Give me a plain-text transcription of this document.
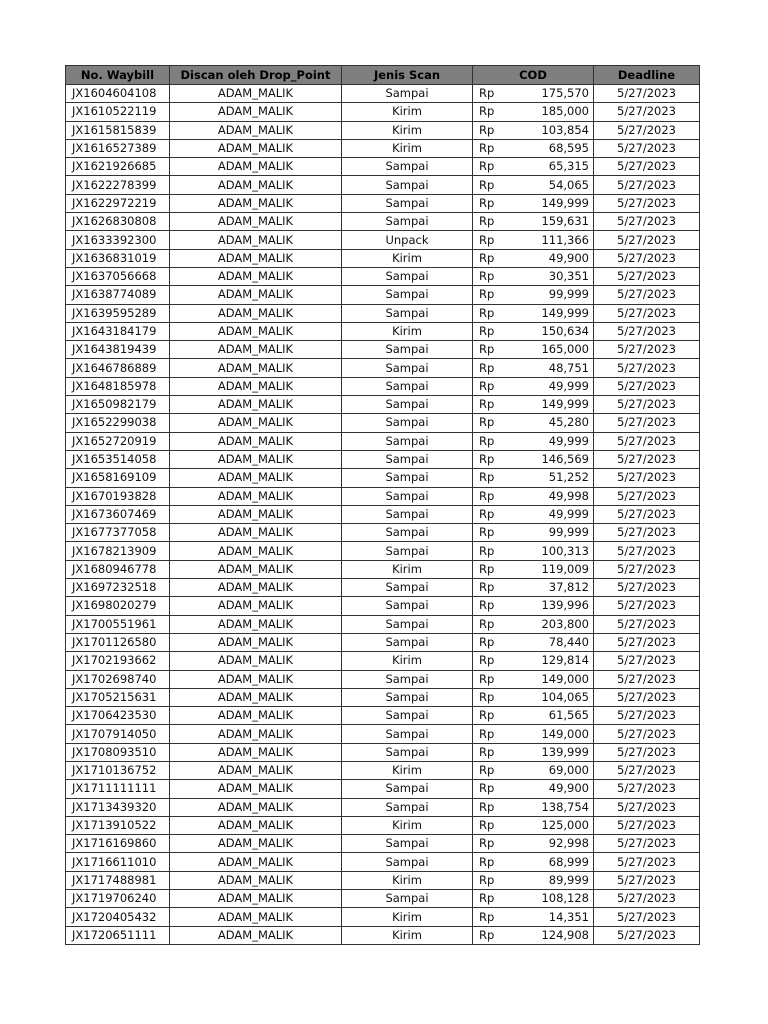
No. Waybill	Discan oleh Drop_Point	Jenis Scan	COD	Deadline
JX1604604108	ADAM_MALIK	Sampai	Rp 175,570	5/27/2023
JX1610522119	ADAM_MALIK	Kirim	Rp 185,000	5/27/2023
JX1615815839	ADAM_MALIK	Kirim	Rp 103,854	5/27/2023
JX1616527389	ADAM_MALIK	Kirim	Rp 68,595	5/27/2023
JX1621926685	ADAM_MALIK	Sampai	Rp 65,315	5/27/2023
JX1622278399	ADAM_MALIK	Sampai	Rp 54,065	5/27/2023
JX1622972219	ADAM_MALIK	Sampai	Rp 149,999	5/27/2023
JX1626830808	ADAM_MALIK	Sampai	Rp 159,631	5/27/2023
JX1633392300	ADAM_MALIK	Unpack	Rp 111,366	5/27/2023
JX1636831019	ADAM_MALIK	Kirim	Rp 49,900	5/27/2023
JX1637056668	ADAM_MALIK	Sampai	Rp 30,351	5/27/2023
JX1638774089	ADAM_MALIK	Sampai	Rp 99,999	5/27/2023
JX1639595289	ADAM_MALIK	Sampai	Rp 149,999	5/27/2023
JX1643184179	ADAM_MALIK	Kirim	Rp 150,634	5/27/2023
JX1643819439	ADAM_MALIK	Sampai	Rp 165,000	5/27/2023
JX1646786889	ADAM_MALIK	Sampai	Rp 48,751	5/27/2023
JX1648185978	ADAM_MALIK	Sampai	Rp 49,999	5/27/2023
JX1650982179	ADAM_MALIK	Sampai	Rp 149,999	5/27/2023
JX1652299038	ADAM_MALIK	Sampai	Rp 45,280	5/27/2023
JX1652720919	ADAM_MALIK	Sampai	Rp 49,999	5/27/2023
JX1653514058	ADAM_MALIK	Sampai	Rp 146,569	5/27/2023
JX1658169109	ADAM_MALIK	Sampai	Rp 51,252	5/27/2023
JX1670193828	ADAM_MALIK	Sampai	Rp 49,998	5/27/2023
JX1673607469	ADAM_MALIK	Sampai	Rp 49,999	5/27/2023
JX1677377058	ADAM_MALIK	Sampai	Rp 99,999	5/27/2023
JX1678213909	ADAM_MALIK	Sampai	Rp 100,313	5/27/2023
JX1680946778	ADAM_MALIK	Kirim	Rp 119,009	5/27/2023
JX1697232518	ADAM_MALIK	Sampai	Rp 37,812	5/27/2023
JX1698020279	ADAM_MALIK	Sampai	Rp 139,996	5/27/2023
JX1700551961	ADAM_MALIK	Sampai	Rp 203,800	5/27/2023
JX1701126580	ADAM_MALIK	Sampai	Rp 78,440	5/27/2023
JX1702193662	ADAM_MALIK	Kirim	Rp 129,814	5/27/2023
JX1702698740	ADAM_MALIK	Sampai	Rp 149,000	5/27/2023
JX1705215631	ADAM_MALIK	Sampai	Rp 104,065	5/27/2023
JX1706423530	ADAM_MALIK	Sampai	Rp 61,565	5/27/2023
JX1707914050	ADAM_MALIK	Sampai	Rp 149,000	5/27/2023
JX1708093510	ADAM_MALIK	Sampai	Rp 139,999	5/27/2023
JX1710136752	ADAM_MALIK	Kirim	Rp 69,000	5/27/2023
JX1711111111	ADAM_MALIK	Sampai	Rp 49,900	5/27/2023
JX1713439320	ADAM_MALIK	Sampai	Rp 138,754	5/27/2023
JX1713910522	ADAM_MALIK	Kirim	Rp 125,000	5/27/2023
JX1716169860	ADAM_MALIK	Sampai	Rp 92,998	5/27/2023
JX1716611010	ADAM_MALIK	Sampai	Rp 68,999	5/27/2023
JX1717488981	ADAM_MALIK	Kirim	Rp 89,999	5/27/2023
JX1719706240	ADAM_MALIK	Sampai	Rp 108,128	5/27/2023
JX1720405432	ADAM_MALIK	Kirim	Rp 14,351	5/27/2023
JX1720651111	ADAM_MALIK	Kirim	Rp 124,908	5/27/2023
